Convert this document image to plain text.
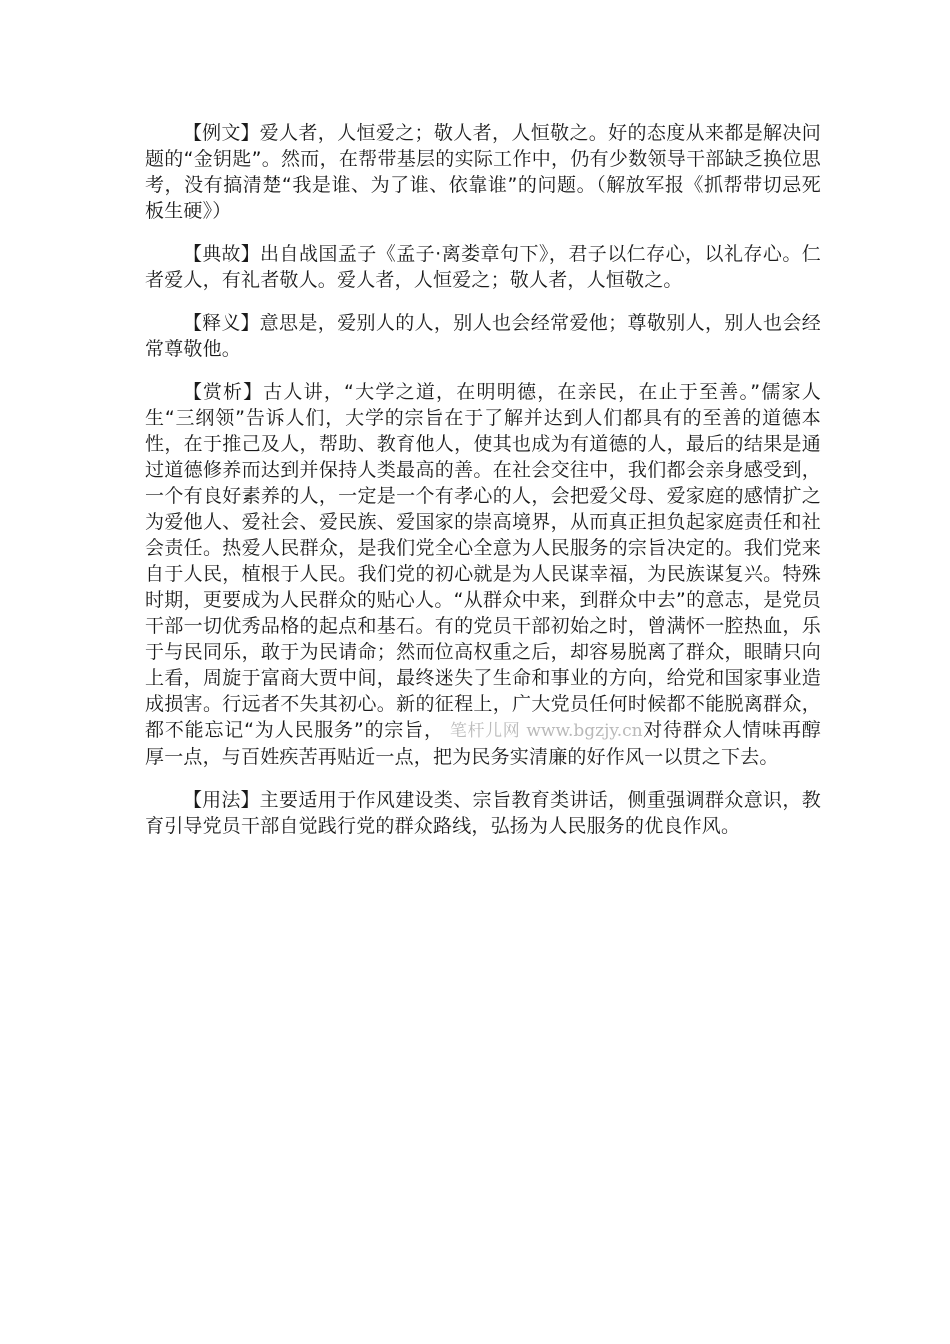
【例文】爱人者，人恒爱之；敬人者，人恒敬之。好的态度从来都是解决问题的“金钥匙”。然而，在帮带基层的实际工作中，仍有少数领导干部缺乏换位思考，没有搞清楚“我是谁、为了谁、依靠谁”的问题。（解放军报《抓帮带切忌死板生硬》）

【典故】出自战国孟子《孟子·离娄章句下》，君子以仁存心，以礼存心。仁者爱人，有礼者敬人。爱人者，人恒爱之；敬人者，人恒敬之。

【释义】意思是，爱别人的人，别人也会经常爱他；尊敬别人，别人也会经常尊敬他。

【赏析】古人讲，“大学之道，在明明德，在亲民，在止于至善。”儒家人生“三纲领”告诉人们，大学的宗旨在于了解并达到人们都具有的至善的道德本性，在于推己及人，帮助、教育他人，使其也成为有道德的人，最后的结果是通过道德修养而达到并保持人类最高的善。在社会交往中，我们都会亲身感受到，一个有良好素养的人，一定是一个有孝心的人，会把爱父母、爱家庭的感情扩之为爱他人、爱社会、爱民族、爱国家的崇高境界，从而真正担负起家庭责任和社会责任。热爱人民群众，是我们党全心全意为人民服务的宗旨决定的。我们党来自于人民，植根于人民。我们党的初心就是为人民谋幸福，为民族谋复兴。特殊时期，更要成为人民群众的贴心人。“从群众中来，到群众中去”的意志，是党员干部一切优秀品格的起点和基石。有的党员干部初始之时，曾满怀一腔热血，乐于与民同乐，敢于为民请命；然而位高权重之后，却容易脱离了群众，眼睛只向上看，周旋于富商大贾中间，最终迷失了生命和事业的方向，给党和国家事业造成损害。行远者不失其初心。新的征程上，广大党员任何时候都不能脱离群众，都不能忘记“为人民服务”的宗旨， 笔杆儿网 www.bgzjy.cn对待群众人情味再醇厚一点，与百姓疾苦再贴近一点，把为民务实清廉的好作风一以贯之下去。

【用法】主要适用于作风建设类、宗旨教育类讲话，侧重强调群众意识，教育引导党员干部自觉践行党的群众路线，弘扬为人民服务的优良作风。
